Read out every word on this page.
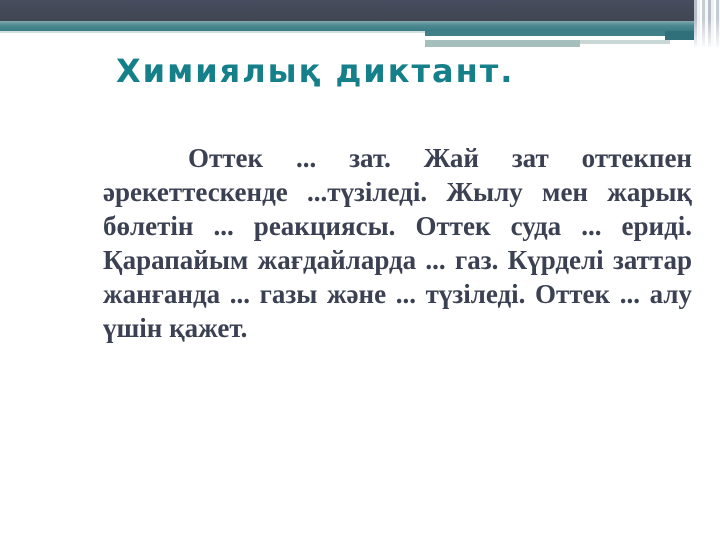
Химиялық диктант.
Оттек ... зат. Жай зат оттекпен
әрекеттескенде ...түзіледі. Жылу мен жарық
бөлетін ... реакциясы. Оттек суда ... ериді.
Қарапайым жағдайларда ... газ. Күрделі заттар
жанғанда ... газы және ... түзіледі. Оттек ... алу
үшін қажет.
